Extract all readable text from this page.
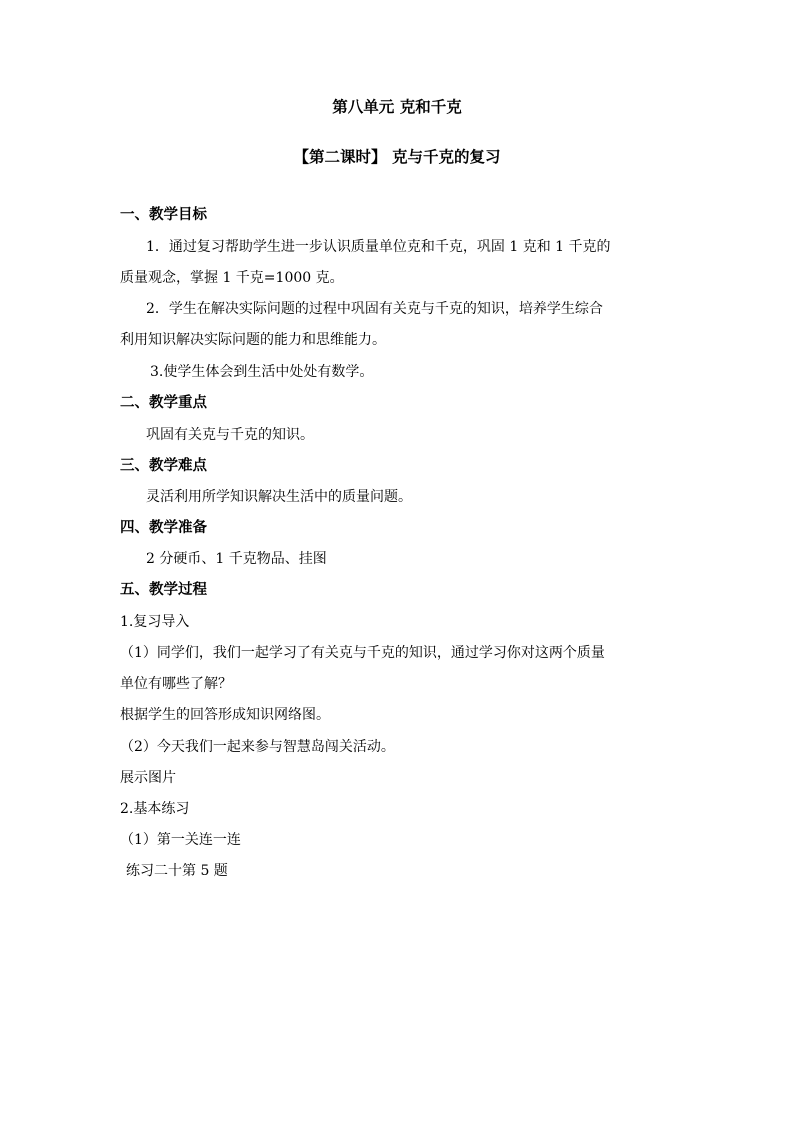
第八单元 克和千克
【第二课时】 克与千克的复习
一、教学目标
1．通过复习帮助学生进一步认识质量单位克和千克，巩固 1 克和 1 千克的
质量观念，掌握 1 千克=1000 克。
2．学生在解决实际问题的过程中巩固有关克与千克的知识，培养学生综合
利用知识解决实际问题的能力和思维能力。
3.使学生体会到生活中处处有数学。
二、教学重点
巩固有关克与千克的知识。
三、教学难点
灵活利用所学知识解决生活中的质量问题。
四、教学准备
2 分硬币、1 千克物品、挂图
五、教学过程
1.复习导入
（1）同学们，我们一起学习了有关克与千克的知识，通过学习你对这两个质量
单位有哪些了解？
根据学生的回答形成知识网络图。
（2）今天我们一起来参与智慧岛闯关活动。
展示图片
2.基本练习
（1）第一关连一连
练习二十第 5 题
